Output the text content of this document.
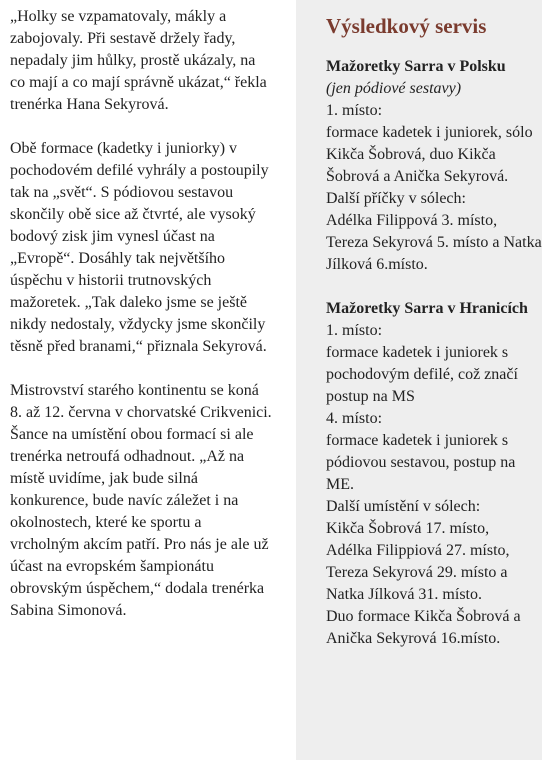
„Holky se vzpamatovaly, mákly a zabojovaly. Při sestavě držely řady, nepadaly jim hůlky, prostě ukázaly, na co mají a co mají správně ukázat,“ řekla trenérka Hana Sekyrová.

Obě formace (kadetky i juniorky) v pochodovém defilé vyhrály a postoupily tak na „svět“. S pódiovou sestavou skončily obě sice až čtvrté, ale vysoký bodový zisk jim vynesl účast na „Evropě“. Dosáhly tak největšího úspěchu v historii trutnovských mažoretek. „Tak daleko jsme se ještě nikdy nedostaly, vždycky jsme skončily těsně před branami,“ přiznala Sekyrová.

Mistrovství starého kontinentu se koná 8. až 12. června v chorvatské Crikvenici. Šance na umístění obou formací si ale trenérka netroufá odhadnout. „Až na místě uvidíme, jak bude silná konkurence, bude navíc záležet i na okolnostech, které ke sportu a vrcholným akcím patří. Pro nás je ale už účast na evropském šampionátu obrovským úspěchem,“ dodala trenérka Sabina Simonová.

Výsledkový servis
Mažoretky Sarra v Polsku
(jen pódiové sestavy)
1. místo:
formace kadetek i juniorek, sólo Kikča Šobrová, duo Kikča Šobrová a Anička Sekyrová.
Další příčky v sólech:
Adélka Filippová 3. místo, Tereza Sekyrová 5. místo a Natka Jílková 6.místo.
Mažoretky Sarra v Hranicích
1. místo:
formace kadetek i juniorek s pochodovým defilé, což značí postup na MS
4. místo:
formace kadetek i juniorek s pódiovou sestavou, postup na ME.
Další umístění v sólech:
Kikča Šobrová 17. místo,
Adélka Filippiová 27. místo,
Tereza Sekyrová 29. místo a
Natka Jílková 31. místo.
Duo formace Kikča Šobrová a Anička Sekyrová 16.místo.
